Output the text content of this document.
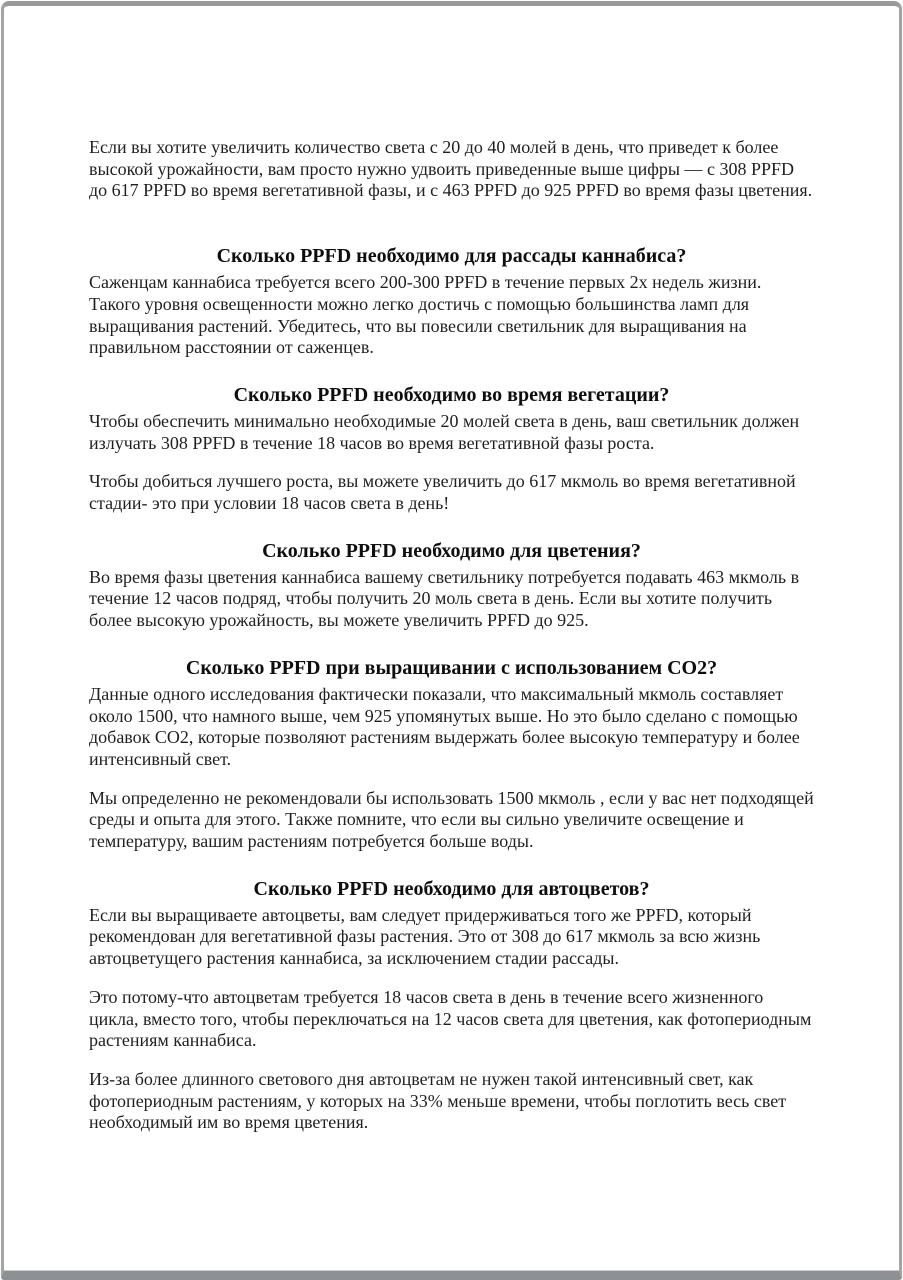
Если вы хотите увеличить количество света с 20 до 40 молей в день, что приведет к более высокой урожайности, вам просто нужно удвоить приведенные выше цифры — с 308 PPFD до 617 PPFD во время вегетативной фазы, и с 463 PPFD до 925 PPFD во время фазы цветения.

Сколько PPFD необходимо для рассады каннабиса?

Саженцам каннабиса требуется всего 200-300 PPFD в течение первых 2х недель жизни. Такого уровня освещенности можно легко достичь с помощью большинства ламп для выращивания растений. Убедитесь, что вы повесили светильник для выращивания на правильном расстоянии от саженцев.

Сколько PPFD необходимо во время вегетации?

Чтобы обеспечить минимально необходимые 20 молей света в день, ваш светильник должен излучать 308 PPFD в течение 18 часов во время вегетативной фазы роста.

Чтобы добиться лучшего роста, вы можете увеличить до 617 мкмоль во время вегетативной стадии- это при условии 18 часов света в день!

Сколько PPFD необходимо для цветения?

Во время фазы цветения каннабиса вашему светильнику потребуется подавать 463 мкмоль в течение 12 часов подряд, чтобы получить 20 моль света в день. Если вы хотите получить более высокую урожайность, вы можете увеличить PPFD до 925.

Сколько PPFD при выращивании с использованием CO2?

Данные одного исследования фактически показали, что максимальный мкмоль составляет около 1500, что намного выше, чем 925 упомянутых выше. Но это было сделано с помощью добавок CO2, которые позволяют растениям выдержать более высокую температуру и более интенсивный свет.

Мы определенно не рекомендовали бы использовать 1500 мкмоль , если у вас нет подходящей среды и опыта для этого. Также помните, что если вы сильно увеличите освещение и температуру, вашим растениям потребуется больше воды.

Сколько PPFD необходимо для автоцветов?

Если вы выращиваете автоцветы, вам следует придерживаться того же PPFD, который рекомендован для вегетативной фазы растения. Это от 308 до 617 мкмоль за всю жизнь автоцветущего растения каннабиса, за исключением стадии рассады.

Это потому-что автоцветам требуется 18 часов света в день в течение всего жизненного цикла, вместо того, чтобы переключаться на 12 часов света для цветения, как фотопериодным растениям каннабиса.

Из-за более длинного светового дня автоцветам не нужен такой интенсивный свет, как фотопериодным растениям, у которых на 33% меньше времени, чтобы поглотить весь свет необходимый им во время цветения.
